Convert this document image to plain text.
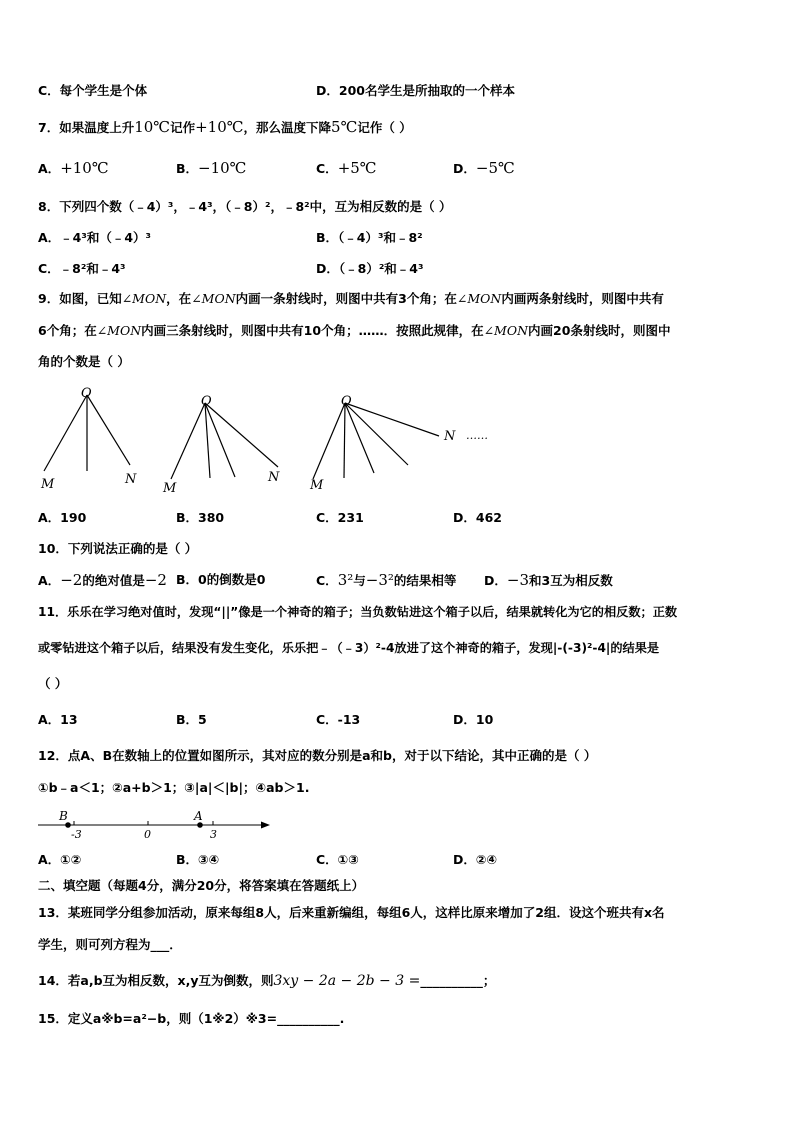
C．每个学生是个体	D．200名学生是所抽取的一个样本
7．如果温度上升10℃记作+10℃，那么温度下降5℃记作（ ）
A．+10℃	B．−10℃	C．+5℃	D．−5℃
8．下列四个数（﹣4）³，﹣4³，（﹣8）²，﹣8²中，互为相反数的是（ ）
A．﹣4³和（﹣4）³	B．（﹣4）³和﹣8²
C．﹣8²和﹣4³	D．（﹣8）²和﹣4³
9．如图，已知∠MON，在∠MON内画一条射线时，则图中共有3个角；在∠MON内画两条射线时，则图中共有
6个角；在∠MON内画三条射线时，则图中共有10个角；……．按照此规律，在∠MON内画20条射线时，则图中
角的个数是（ ）
O
M	N
O
M
N
O
M
N ……
A．190	B．380	C．231	D．462
10．下列说法正确的是（ ）
A．−2的绝对值是−2 B．0的倒数是0	C．3²与−3²的结果相等 D．−3和3互为相反数
11．乐乐在学习绝对值时，发现“||”像是一个神奇的箱子；当负数钻进这个箱子以后，结果就转化为它的相反数；正数
或零钻进这个箱子以后，结果没有发生变化，乐乐把﹣（﹣3）²-4放进了这个神奇的箱子，发现|-(-3)²-4|的结果是
（ ）
A．13	B．5	C．-13	D．10
12．点A、B在数轴上的位置如图所示，其对应的数分别是a和b，对于以下结论，其中正确的是（ ）
①b﹣a＜1；②a+b＞1；③|a|＜|b|；④ab＞1.
B	A
-3	0	3
A．①②	B．③④	C．①③	D．②④
二、填空题（每题4分，满分20分，将答案填在答题纸上）
13．某班同学分组参加活动，原来每组8人，后来重新编组，每组6人，这样比原来增加了2组．设这个班共有x名
学生，则可列方程为___．
14．若a,b互为相反数，x,y互为倒数，则3xy − 2a − 2b − 3 =__________；
15．定义a※b=a²−b，则（1※2）※3=__________.
